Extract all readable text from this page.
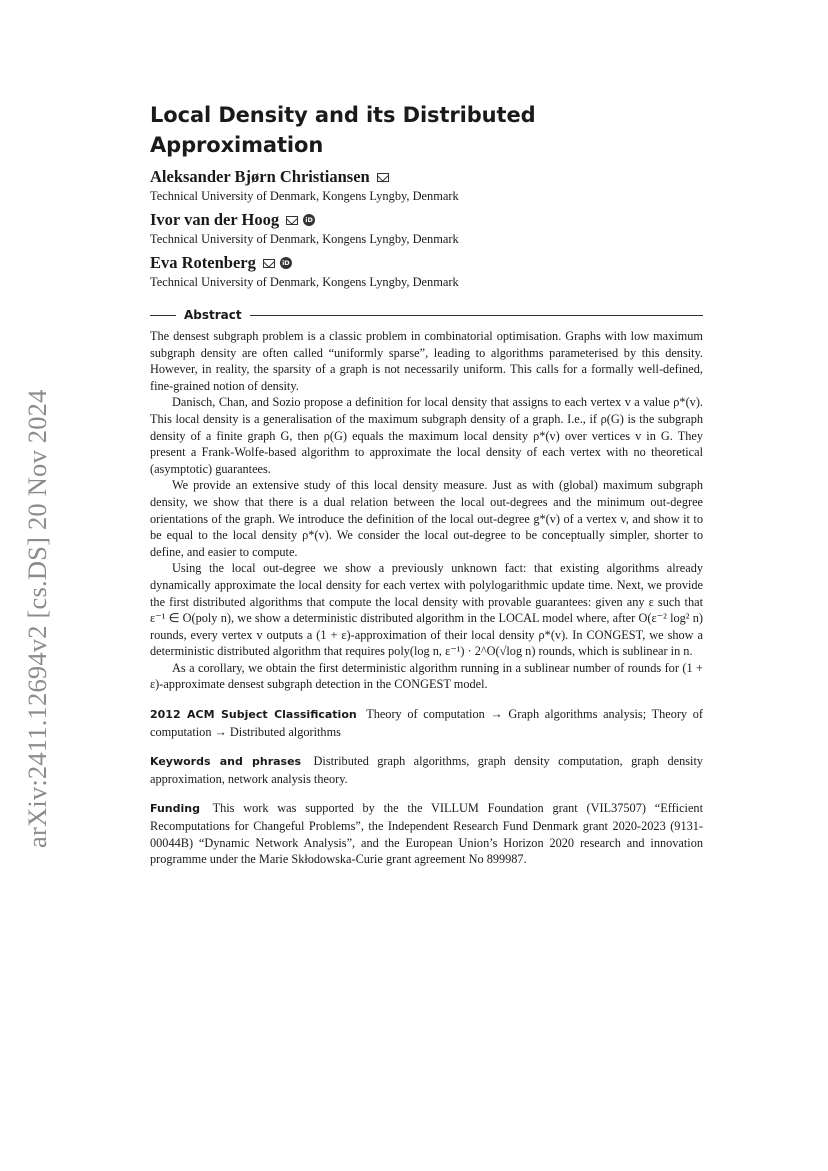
arXiv:2411.12694v2 [cs.DS] 20 Nov 2024
Local Density and its Distributed Approximation
Aleksander Bjørn Christiansen
Technical University of Denmark, Kongens Lyngby, Denmark
Ivor van der Hoog	iD
Technical University of Denmark, Kongens Lyngby, Denmark
Eva Rotenberg	iD
Technical University of Denmark, Kongens Lyngby, Denmark
Abstract

The densest subgraph problem is a classic problem in combinatorial optimisation. Graphs with low maximum subgraph density are often called “uniformly sparse”, leading to algorithms parameterised by this density. However, in reality, the sparsity of a graph is not necessarily uniform. This calls for a formally well-defined, fine-grained notion of density.

Danisch, Chan, and Sozio propose a definition for local density that assigns to each vertex v a value ρ*(v). This local density is a generalisation of the maximum subgraph density of a graph. I.e., if ρ(G) is the subgraph density of a finite graph G, then ρ(G) equals the maximum local density ρ*(v) over vertices v in G. They present a Frank-Wolfe-based algorithm to approximate the local density of each vertex with no theoretical (asymptotic) guarantees.

We provide an extensive study of this local density measure. Just as with (global) maximum subgraph density, we show that there is a dual relation between the local out-degrees and the minimum out-degree orientations of the graph. We introduce the definition of the local out-degree g*(v) of a vertex v, and show it to be equal to the local density ρ*(v). We consider the local out-degree to be conceptually simpler, shorter to define, and easier to compute.

Using the local out-degree we show a previously unknown fact: that existing algorithms already dynamically approximate the local density for each vertex with polylogarithmic update time. Next, we provide the first distributed algorithms that compute the local density with provable guarantees: given any ε such that ε⁻¹ ∈ O(poly n), we show a deterministic distributed algorithm in the LOCAL model where, after O(ε⁻² log² n) rounds, every vertex v outputs a (1 + ε)-approximation of their local density ρ*(v). In CONGEST, we show a deterministic distributed algorithm that requires poly(log n, ε⁻¹) · 2^O(√log n) rounds, which is sublinear in n.

As a corollary, we obtain the first deterministic algorithm running in a sublinear number of rounds for (1 + ε)-approximate densest subgraph detection in the CONGEST model.

2012 ACM Subject Classification Theory of computation → Graph algorithms analysis; Theory of computation → Distributed algorithms
Keywords and phrases Distributed graph algorithms, graph density computation, graph density approximation, network analysis theory.
Funding This work was supported by the the VILLUM Foundation grant (VIL37507) “Efficient Recomputations for Changeful Problems”, the Independent Research Fund Denmark grant 2020-2023 (9131-00044B) “Dynamic Network Analysis”, and the European Union’s Horizon 2020 research and innovation programme under the Marie Skłodowska-Curie grant agreement No 899987.
